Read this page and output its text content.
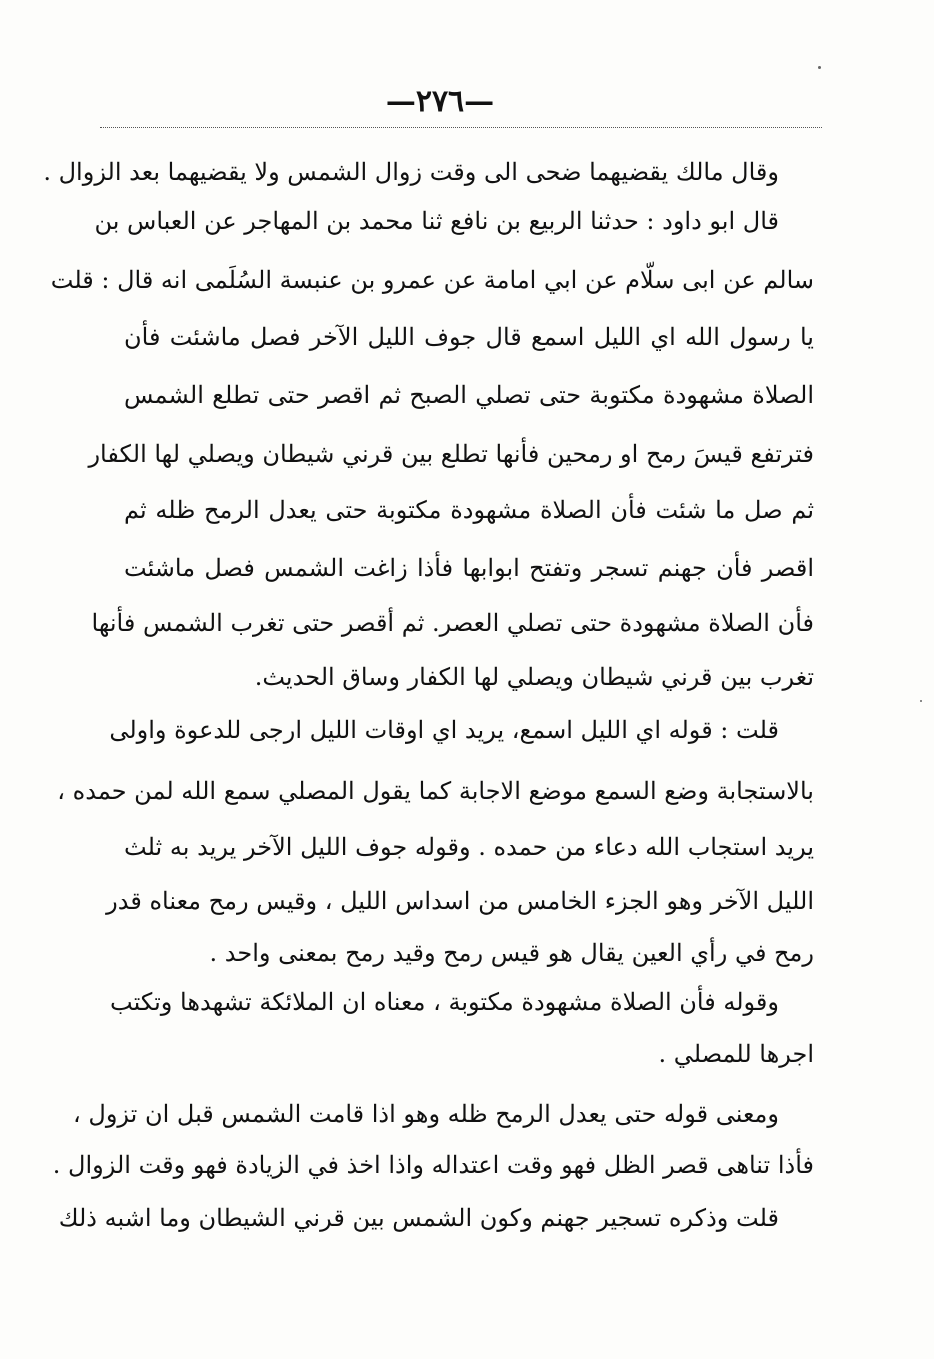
—٢٧٦—
وقال مالك يقضيهما ضحى الى وقت زوال الشمس ولا يقضيهما بعد الزوال .
قال ابو داود : حدثنا الربيع بن نافع ثنا محمد بن المهاجر عن العباس بن
سالم عن ابى سلّام عن ابي امامة عن عمرو بن عنبسة السُلَمى انه قال : قلت
يا رسول الله اي الليل اسمع قال جوف الليل الآخر فصل ماشئت فأن
الصلاة مشهودة مكتوبة حتى تصلي الصبح ثم اقصر حتى تطلع الشمس
فترتفع قيسَ رمح او رمحين فأنها تطلع بين قرني شيطان ويصلي لها الكفار
ثم صل ما شئت فأن الصلاة مشهودة مكتوبة حتى يعدل الرمح ظله ثم
اقصر فأن جهنم تسجر وتفتح ابوابها فأذا زاغت الشمس فصل ماشئت
فأن الصلاة مشهودة حتى تصلي العصر. ثم أقصر حتى تغرب الشمس فأنها
تغرب بين قرني شيطان ويصلي لها الكفار وساق الحديث.
قلت : قوله اي الليل اسمع، يريد اي اوقات الليل ارجى للدعوة واولى
بالاستجابة وضع السمع موضع الاجابة كما يقول المصلي سمع الله لمن حمده ،
يريد استجاب الله دعاء من حمده . وقوله جوف الليل الآخر يريد به ثلث
الليل الآخر وهو الجزء الخامس من اسداس الليل ، وقيس رمح معناه قدر
رمح في رأي العين يقال هو قيس رمح وقيد رمح بمعنى واحد .
وقوله فأن الصلاة مشهودة مكتوبة ، معناه ان الملائكة تشهدها وتكتب
اجرها للمصلي .
ومعنى قوله حتى يعدل الرمح ظله وهو اذا قامت الشمس قبل ان تزول ،
فأذا تناهى قصر الظل فهو وقت اعتداله واذا اخذ في الزيادة فهو وقت الزوال .
قلت وذكره تسجير جهنم وكون الشمس بين قرني الشيطان وما اشبه ذلك
